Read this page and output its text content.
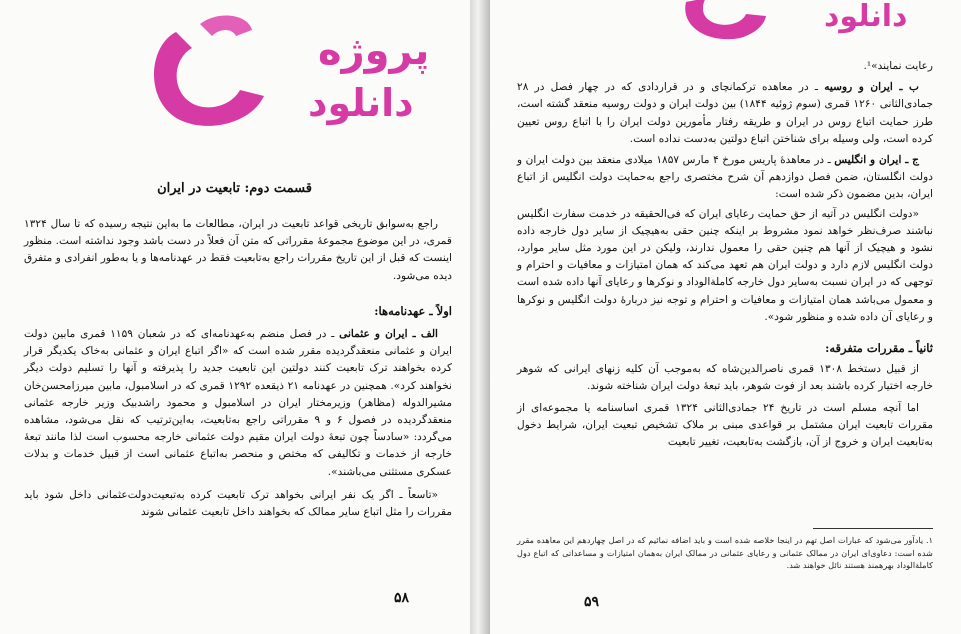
پروژه
دانلود
قسمت دوم: تابعیت در ایران

راجع به‌سوابق تاریخی قواعد تابعیت در ایران، مطالعات ما به‌این نتیجه رسیده که تا سال ۱۳۲۴ قمری، در این موضوع مجموعهٔ مقرراتی که متن آن فعلاً در دست باشد وجود نداشته است. منظور اینست که قبل از این تاریخ مقررات راجع به‌تابعیت فقط در عهدنامه‌ها و یا به‌طور انفرادی و متفرق دیده می‌شود.

اولاً ـ عهدنامه‌ها:

الف ـ ایران و عثمانی ـ در فصل منضم به‌عهدنامه‌ای که در شعبان ۱۱۵۹ قمری مابین دولت ایران و عثمانی منعقدگردیده مقرر شده است که «اگر اتباع ایران و عثمانی به‌خاک یکدیگر قرار کرده بخواهند ترک تابعیت کنند دولتین این تابعیت جدید را پذیرفته و آنها را تسلیم دولت دیگر نخواهند کرد». همچنین در عهدنامه ۲۱ ذیقعده ۱۲۹۲ قمری که در اسلامبول، مابین میرزامحسن‌خان مشیرالدوله (مظاهر) وزیرمختار ایران در اسلامبول و محمود راشدبیک وزیر خارجه عثمانی منعقدگردیده در فصول ۶ و ۹ مقرراتی راجع به‌تابعیت، به‌این‌ترتیب که نقل می‌شود، مشاهده می‌گردد: «سادساً چون تبعهٔ دولت ایران مقیم دولت عثمانی خارجه محسوب است لذا مانند تبعهٔ خارجه از خدمات و تکالیفی که مختص و منحصر به‌اتباع عثمانی است از قبیل خدمات و بدلات عسکری مستثنی می‌باشند».

«تاسعاً ـ اگر یک نفر ایرانی بخواهد ترک تابعیت کرده به‌تبعیت‌دولت‌عثمانی داخل شود باید مقررات را مثل اتباع سایر ممالک که بخواهند داخل تابعیت عثمانی شوند

۵۸
دانلود

رعایت نمایند»¹.

ب ـ ایران و روسیه ـ در معاهده ترکمانچای و در قراردادی که در چهار فصل در ۲۸ جمادی‌الثانی ۱۲۶۰ قمری (سوم ژوئیه ۱۸۴۴) بین دولت ایران و دولت روسیه منعقد گشته است، طرز حمایت اتباع روس در ایران و طریقه رفتار مأمورین دولت ایران را با اتباع روس تعیین کرده است، ولی وسیله برای شناختن اتباع دولتین به‌دست نداده است.

ج ـ ایران و انگلیس ـ در معاهدهٔ پاریس مورخ ۴ مارس ۱۸۵۷ میلادی منعقد بین دولت ایران و دولت انگلستان، ضمن فصل دوازدهم آن شرح مختصری راجع به‌حمایت دولت انگلیس از اتباع ایران، بدین مضمون ذکر شده است:

«دولت انگلیس در آتیه از حق حمایت رعایای ایران که فی‌الحقیقه در خدمت سفارت انگلیس نباشند صرف‌نظر خواهد نمود مشروط بر اینکه چنین حقی به‌هیچیک از سایر دول خارجه داده نشود و هیچیک از آنها هم چنین حقی را معمول ندارند، ولیکن در این مورد مثل سایر موارد، دولت انگلیس لازم دارد و دولت ایران هم تعهد می‌کند که همان امتیازات و معافیات و احترام و توجهی که در ایران نسبت به‌سایر دول خارجه کاملةالوداد و نوکرها و رعایای آنها داده شده است و معمول می‌باشد همان امتیازات و معافیات و احترام و توجه نیز دربارهٔ دولت انگلیس و نوکرها و رعایای آن داده شده و منظور شود».

ثانیاً ـ مقررات متفرقه:

از قبیل دستخط ۱۳۰۸ قمری ناصرالدین‌شاه که به‌موجب آن کلیه زنهای ایرانی که شوهر خارجه اختیار کرده باشند بعد از فوت شوهر، باید تبعهٔ دولت ایران شناخته شوند.

اما آنچه مسلم است در تاریخ ۲۴ جمادی‌الثانی ۱۳۲۴ قمری اساسنامه یا مجموعه‌ای از مقررات تابعیت ایران مشتمل بر قواعدی مبنی بر ملاک تشخیص تبعیت ایران، شرایط دخول به‌تابعیت ایران و خروج از آن، بازگشت به‌تابعیت، تغییر تابعیت

۱. یادآور می‌شود که عبارات اصل تهم در اینجا خلاصه شده است و باید اضافه نمائیم که در اصل چهاردهم این معاهده مقرر شده است: دعاوی‌ای ایران در ممالک عثمانی و رعایای عثمانی در ممالک ایران به‌همان امتیازات و مساعداتی که اتباع دول کاملةالوداد بهرهمند هستند نائل خواهند شد.

۵۹
